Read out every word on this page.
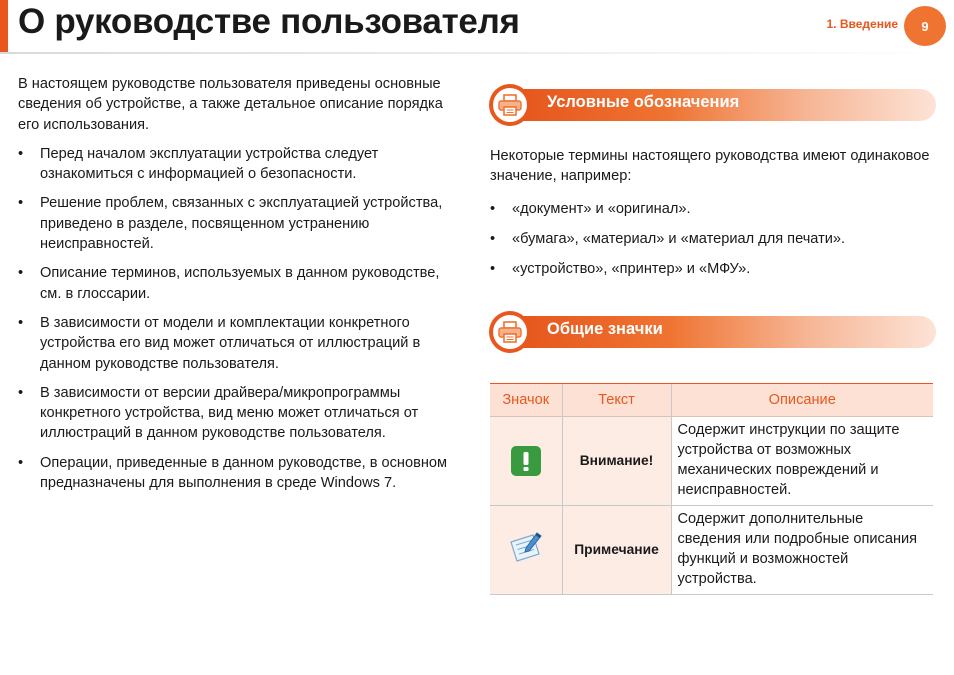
О руководстве пользователя	1. Введение	9

В настоящем руководстве пользователя приведены основные сведения об устройстве, а также детальное описание порядка его использования.

• Перед началом эксплуатации устройства следует ознакомиться с информацией о безопасности.
• Решение проблем, связанных с эксплуатацией устройства, приведено в разделе, посвященном устранению неисправностей.
• Описание терминов, используемых в данном руководстве, см. в глоссарии.
• В зависимости от модели и комплектации конкретного устройства его вид может отличаться от иллюстраций в данном руководстве пользователя.
• В зависимости от версии драйвера/микропрограммы конкретного устройства, вид меню может отличаться от иллюстраций в данном руководстве пользователя.
• Операции, приведенные в данном руководстве, в основном предназначены для выполнения в среде Windows 7.
Условные обозначения

Некоторые термины настоящего руководства имеют одинаковое значение, например:

• «документ» и «оригинал».
• «бумага», «материал» и «материал для печати».
• «устройство», «принтер» и «МФУ».
Общие значки
Значок	Текст	Описание
	Внимание!	Содержит инструкции по защите устройства от возможных механических повреждений и неисправностей.
	Примечание	Содержит дополнительные сведения или подробные описания функций и возможностей устройства.
